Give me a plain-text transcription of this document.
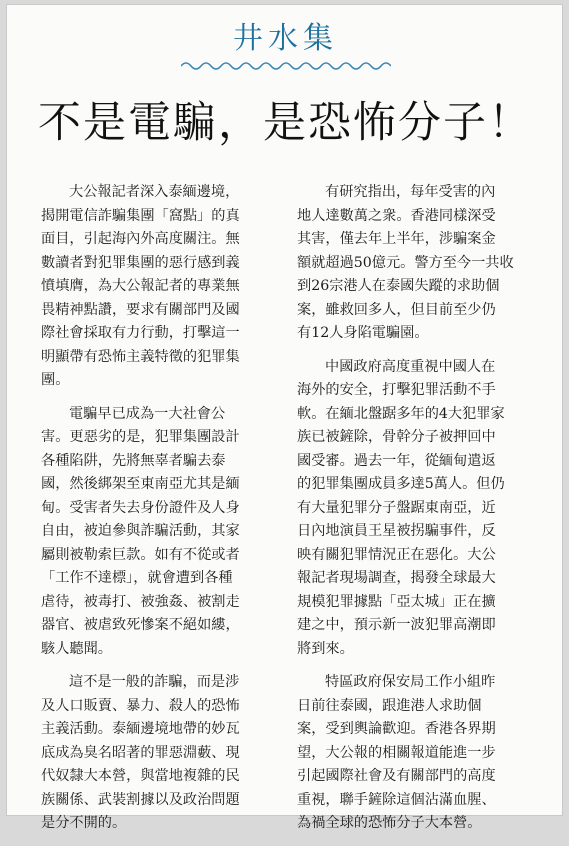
井水集
不是電騙，是恐怖分子！

大公報記者深入泰緬邊境，
揭開電信詐騙集團「窩點」的真
面目，引起海內外高度關注。無
數讀者對犯罪集團的惡行感到義
憤填膺，為大公報記者的專業無
畏精神點讚，要求有關部門及國
際社會採取有力行動，打擊這一
明顯帶有恐怖主義特徵的犯罪集
團。

電騙早已成為一大社會公
害。更惡劣的是，犯罪集團設計
各種陷阱，先將無辜者騙去泰
國，然後綁架至東南亞尤其是緬
甸。受害者失去身份證件及人身
自由，被迫參與詐騙活動，其家
屬則被勒索巨款。如有不從或者
「工作不達標」，就會遭到各種
虐待，被毒打、被強姦、被割走
器官、被虐致死慘案不絕如縷，
駭人聽聞。

這不是一般的詐騙，而是涉
及人口販賣、暴力、殺人的恐怖
主義活動。泰緬邊境地帶的妙瓦
底成為臭名昭著的罪惡淵藪、現
代奴隸大本營，與當地複雜的民
族關係、武裝割據以及政治問題
是分不開的。

有研究指出，每年受害的內
地人達數萬之衆。香港同樣深受
其害，僅去年上半年，涉騙案金
額就超過50億元。警方至今一共收
到26宗港人在泰國失蹤的求助個
案，雖救回多人，但目前至少仍
有12人身陷電騙園。

中國政府高度重視中國人在
海外的安全，打擊犯罪活動不手
軟。在緬北盤踞多年的4大犯罪家
族已被鏟除，骨幹分子被押回中
國受審。過去一年，從緬甸遣返
的犯罪集團成員多達5萬人。但仍
有大量犯罪分子盤踞東南亞，近
日內地演員王星被拐騙事件，反
映有關犯罪情況正在惡化。大公
報記者現場調查，揭發全球最大
規模犯罪據點「亞太城」正在擴
建之中，預示新一波犯罪高潮即
將到來。

特區政府保安局工作小組昨
日前往泰國，跟進港人求助個
案，受到輿論歡迎。香港各界期
望，大公報的相關報道能進一步
引起國際社會及有關部門的高度
重視，聯手鏟除這個沾滿血腥、
為禍全球的恐怖分子大本營。
